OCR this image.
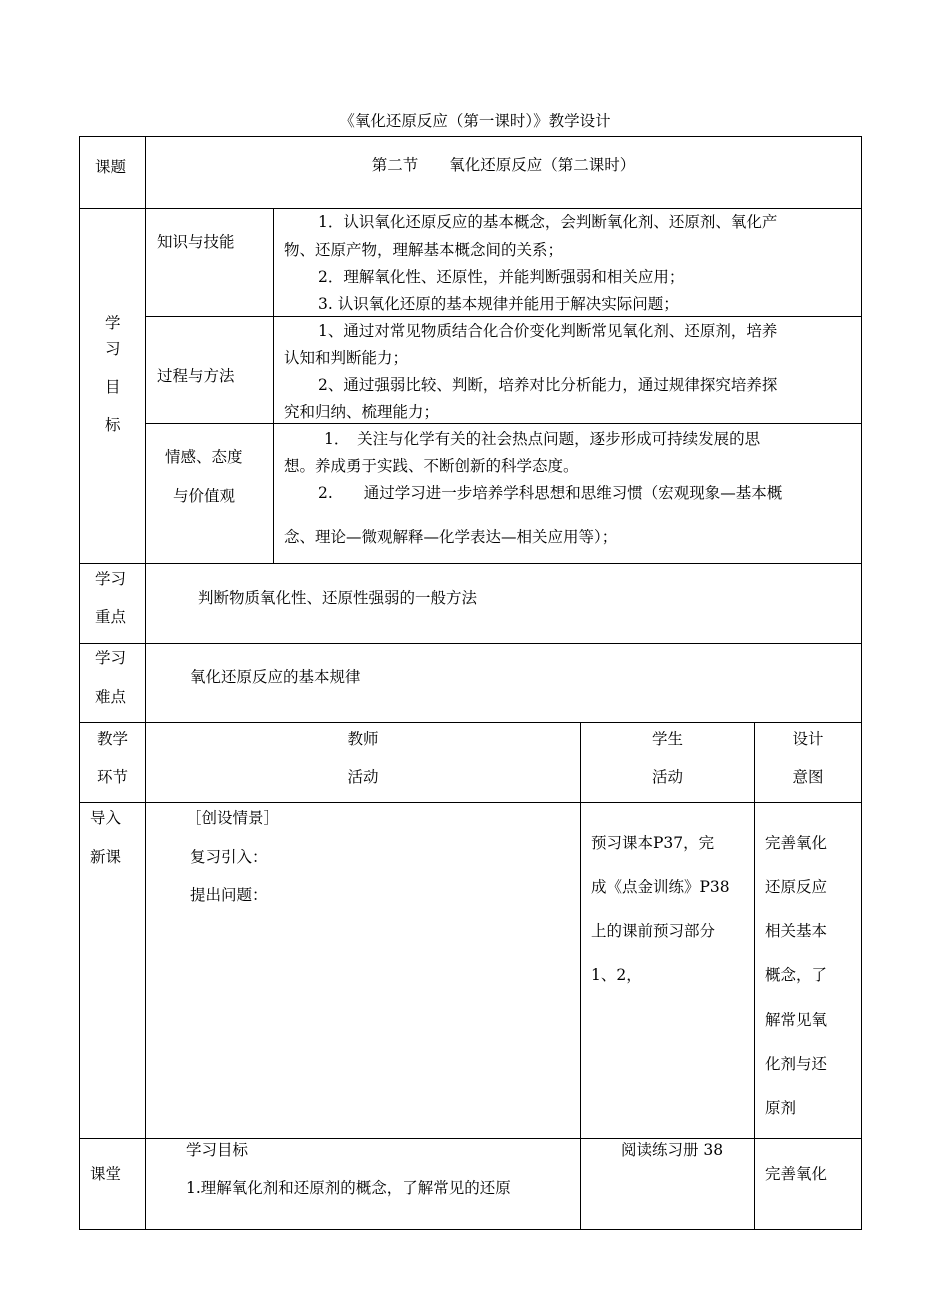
《氧化还原反应（第一课时）》教学设计
课题	第二节　　氧化还原反应（第二课时）
学
习
目
标
知识与技能
1．认识氧化还原反应的基本概念，会判断氧化剂、还原剂、氧化产
物、还原产物，理解基本概念间的关系；
2．理解氧化性、还原性，并能判断强弱和相关应用；
3. 认识氧化还原的基本规律并能用于解决实际问题；
过程与方法
1、通过对常见物质结合化合价变化判断常见氧化剂、还原剂，培养
认知和判断能力；
2、通过强弱比较、判断，培养对比分析能力，通过规律探究培养探
究和归纳、梳理能力；
情感、态度
与价值观
1．　关注与化学有关的社会热点问题，逐步形成可持续发展的思
想。养成勇于实践、不断创新的科学态度。
2.　　通过学习进一步培养学科思想和思维习惯（宏观现象—基本概
念、理论—微观解释—化学表达—相关应用等）；
学习
重点
判断物质氧化性、还原性强弱的一般方法
学习
难点
氧化还原反应的基本规律
教学
环节
教师
活动
学生
活动
设计
意图
导入
新课
［创设情景］
复习引入：
提出问题：
预习课本P37，完
成《点金训练》P38
上的课前预习部分
1、2，
完善氧化
还原反应
相关基本
概念，了
解常见氧
化剂与还
原剂
课堂
学习目标
1.理解氧化剂和还原剂的概念，了解常见的还原
阅读练习册 38
完善氧化
